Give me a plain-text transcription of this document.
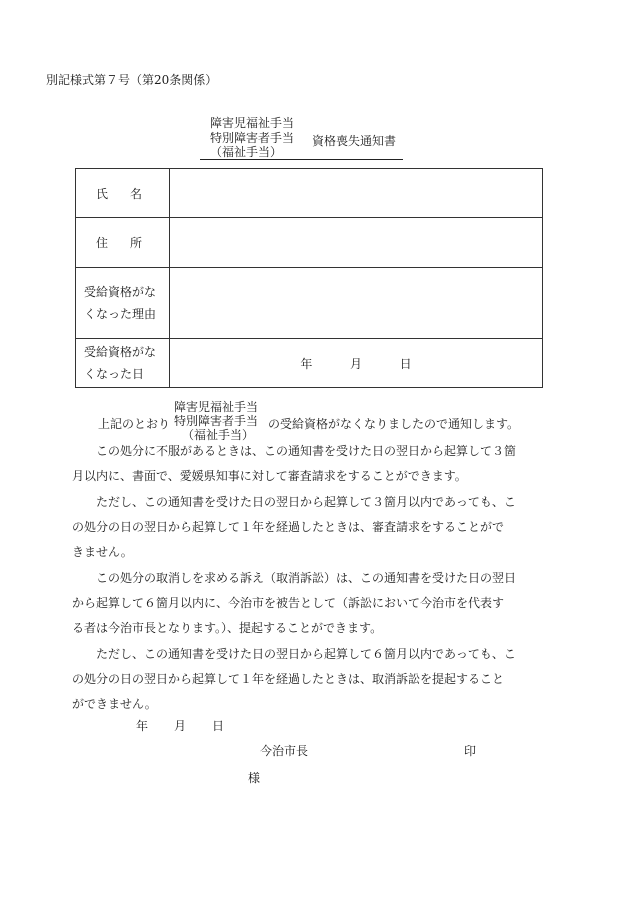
別記様式第７号（第20条関係）
障害児福祉手当
特別障害者手当
（福祉手当）
資格喪失通知書
氏 名	

住 所	

受給資格がな
くなった理由	

受給資格がな
くなった日	年 月 日
上記のとおり
障害児福祉手当
特別障害者手当
（福祉手当）
の受給資格がなくなりましたので通知します。
この処分に不服があるときは、この通知書を受けた日の翌日から起算して３箇
月以内に、書面で、愛媛県知事に対して審査請求をすることができます。
ただし、この通知書を受けた日の翌日から起算して３箇月以内であっても、こ
の処分の日の翌日から起算して１年を経過したときは、審査請求をすることがで
きません。
この処分の取消しを求める訴え（取消訴訟）は、この通知書を受けた日の翌日
から起算して６箇月以内に、今治市を被告として（訴訟において今治市を代表す
る者は今治市長となります。）、提起することができます。
ただし、この通知書を受けた日の翌日から起算して６箇月以内であっても、こ
の処分の日の翌日から起算して１年を経過したときは、取消訴訟を提起すること
ができません。
年 月 日
今治市長	印
様
